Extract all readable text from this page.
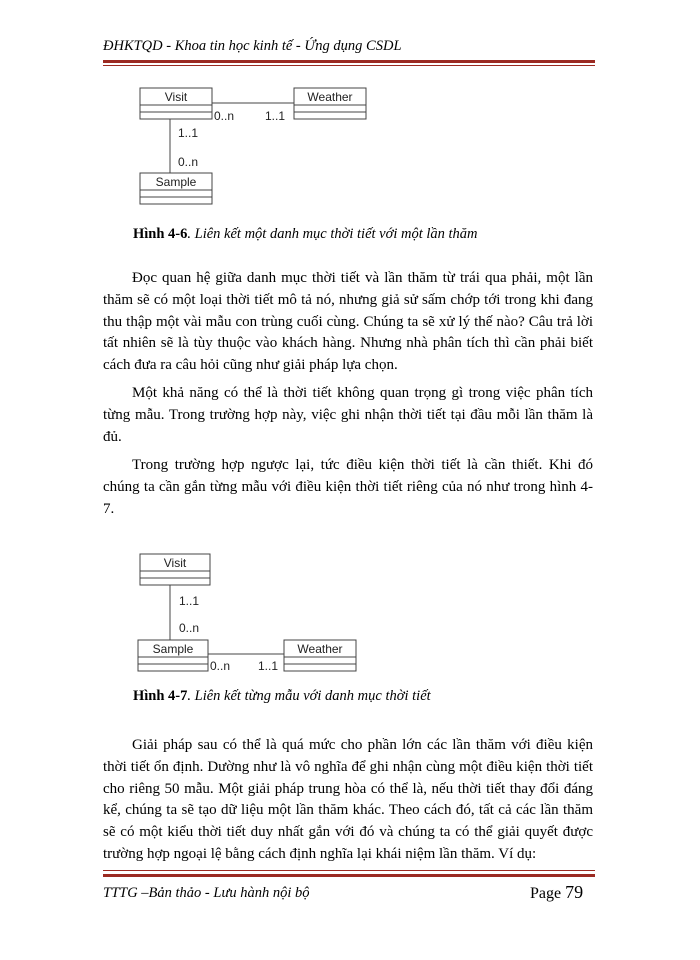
ĐHKTQD - Khoa tin học kinh tế - Ứng dụng CSDL
Visit	Weather
Sample
0..n	1..1
1..1
0..n
Hình 4-6. Liên kết một danh mục thời tiết với một lần thăm
Đọc quan hệ giữa danh mục thời tiết và lần thăm từ trái qua phải, một lần
thăm sẽ có một loại thời tiết mô tả nó, nhưng giả sử sấm chớp tới trong khi đang
thu thập một vài mẫu con trùng cuối cùng. Chúng ta sẽ xử lý thế nào? Câu trả lời
tất nhiên sẽ là tùy thuộc vào khách hàng. Nhưng nhà phân tích thì cần phải biết
cách đưa ra câu hỏi cũng như giải pháp lựa chọn.
Một khả năng có thể là thời tiết không quan trọng gì trong việc phân tích
từng mẫu. Trong trường hợp này, việc ghi nhận thời tiết tại đầu mỗi lần thăm là
đủ.
Trong trường hợp ngược lại, tức điều kiện thời tiết là cần thiết. Khi đó
chúng ta cần gắn từng mẫu với điều kiện thời tiết riêng của nó như trong hình 4-
7.
Visit
Sample	Weather
1..1
0..n
0..n 1..1
Hình 4-7. Liên kết từng mẫu với danh mục thời tiết
Giải pháp sau có thể là quá mức cho phần lớn các lần thăm với điều kiện
thời tiết ổn định. Dường như là vô nghĩa để ghi nhận cùng một điều kiện thời tiết
cho riêng 50 mẫu. Một giải pháp trung hòa có thể là, nếu thời tiết thay đổi đáng
kể, chúng ta sẽ tạo dữ liệu một lần thăm khác. Theo cách đó, tất cả các lần thăm
sẽ có một kiểu thời tiết duy nhất gắn với đó và chúng ta có thể giải quyết được
trường hợp ngoại lệ bằng cách định nghĩa lại khái niệm lần thăm. Ví dụ:
TTTG –Bản thảo - Lưu hành nội bộ	Page 79
